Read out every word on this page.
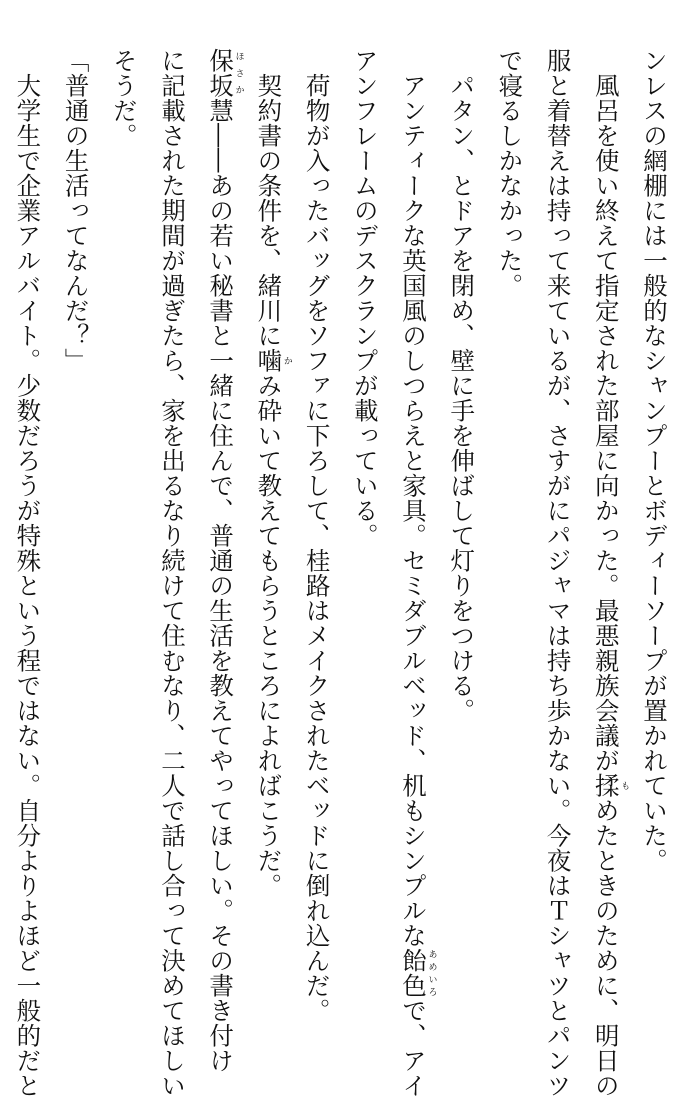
ンレスの網棚には一般的なシャンプーとボディーソープが置かれていた。
　風呂を使い終えて指定された部屋に向かった。最悪親族会議が揉もめたときのために、明日の
服と着替えは持って来ているが、さすがにパジャマは持ち歩かない。今夜はＴシャツとパンツ
で寝るしかなかった。
　パタン、とドアを閉め、壁に手を伸ばして灯りをつける。
　アンティークな英国風のしつらえと家具。セミダブルベッド、机もシンプルな飴色あめいろで、アイ
アンフレームのデスクランプが載っている。
　荷物が入ったバッグをソファに下ろして、桂路はメイクされたベッドに倒れ込んだ。
　契約書の条件を、緒川に噛かみ砕いて教えてもらうところによればこうだ。
保坂ほさか慧――あの若い秘書と一緒に住んで、普通の生活を教えてやってほしい。その書き付け
に記載された期間が過ぎたら、家を出るなり続けて住むなり、二人で話し合って決めてほしい
そうだ。
「普通の生活ってなんだ？」
　大学生で企業アルバイト。少数だろうが特殊という程ではない。自分よりよほど一般的だと
